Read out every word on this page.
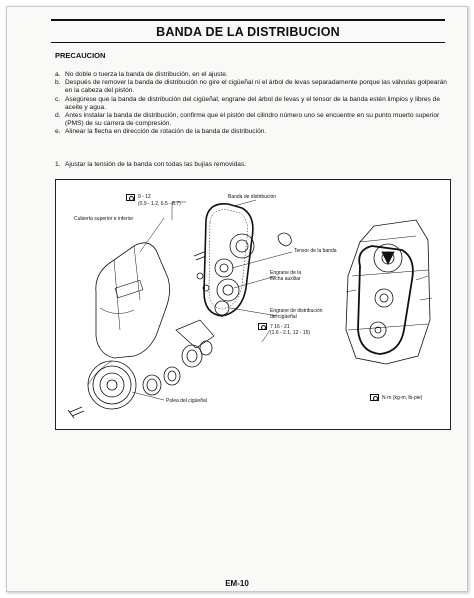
BANDA DE LA DISTRIBUCION
PRECAUCION
a. No doble o tuerza la banda de distribución, en el ajuste.
b. Después de remover la banda de distribución no gire el cigüeñal ni el árbol de levas separadamente porque las válvulas golpearán en la cabeza del pistón.
c. Asegúrese que la banda de distribución del cigüeñal, engrane del árbol de levas y el tensor de la banda estén limpios y libres de aceite y agua.
d. Antes instalar la banda de distribución, confirme que el pistón del cilindro número uno se encuentre en su punto muerto superior (PMS) de su carrera de compresión.
e. Alinear la flecha en dirección de rotación de la banda de distribución.
1. Ajustar la tensión de la banda con todas las bujías removidas.
9 - 12
(0.9 - 1.2, 6.5 - 8.7)
Cubierta superior e inferior
Banda de distribución
Tensor de la banda
Engrane de la
flecha auxiliar
Engrane de distribución
del cigüeñal
7 16 - 21
(1.6 - 2.1, 12 - 15)
Polea del cigüeñal	N·m (kg-m, lb-pie)
EM-10
